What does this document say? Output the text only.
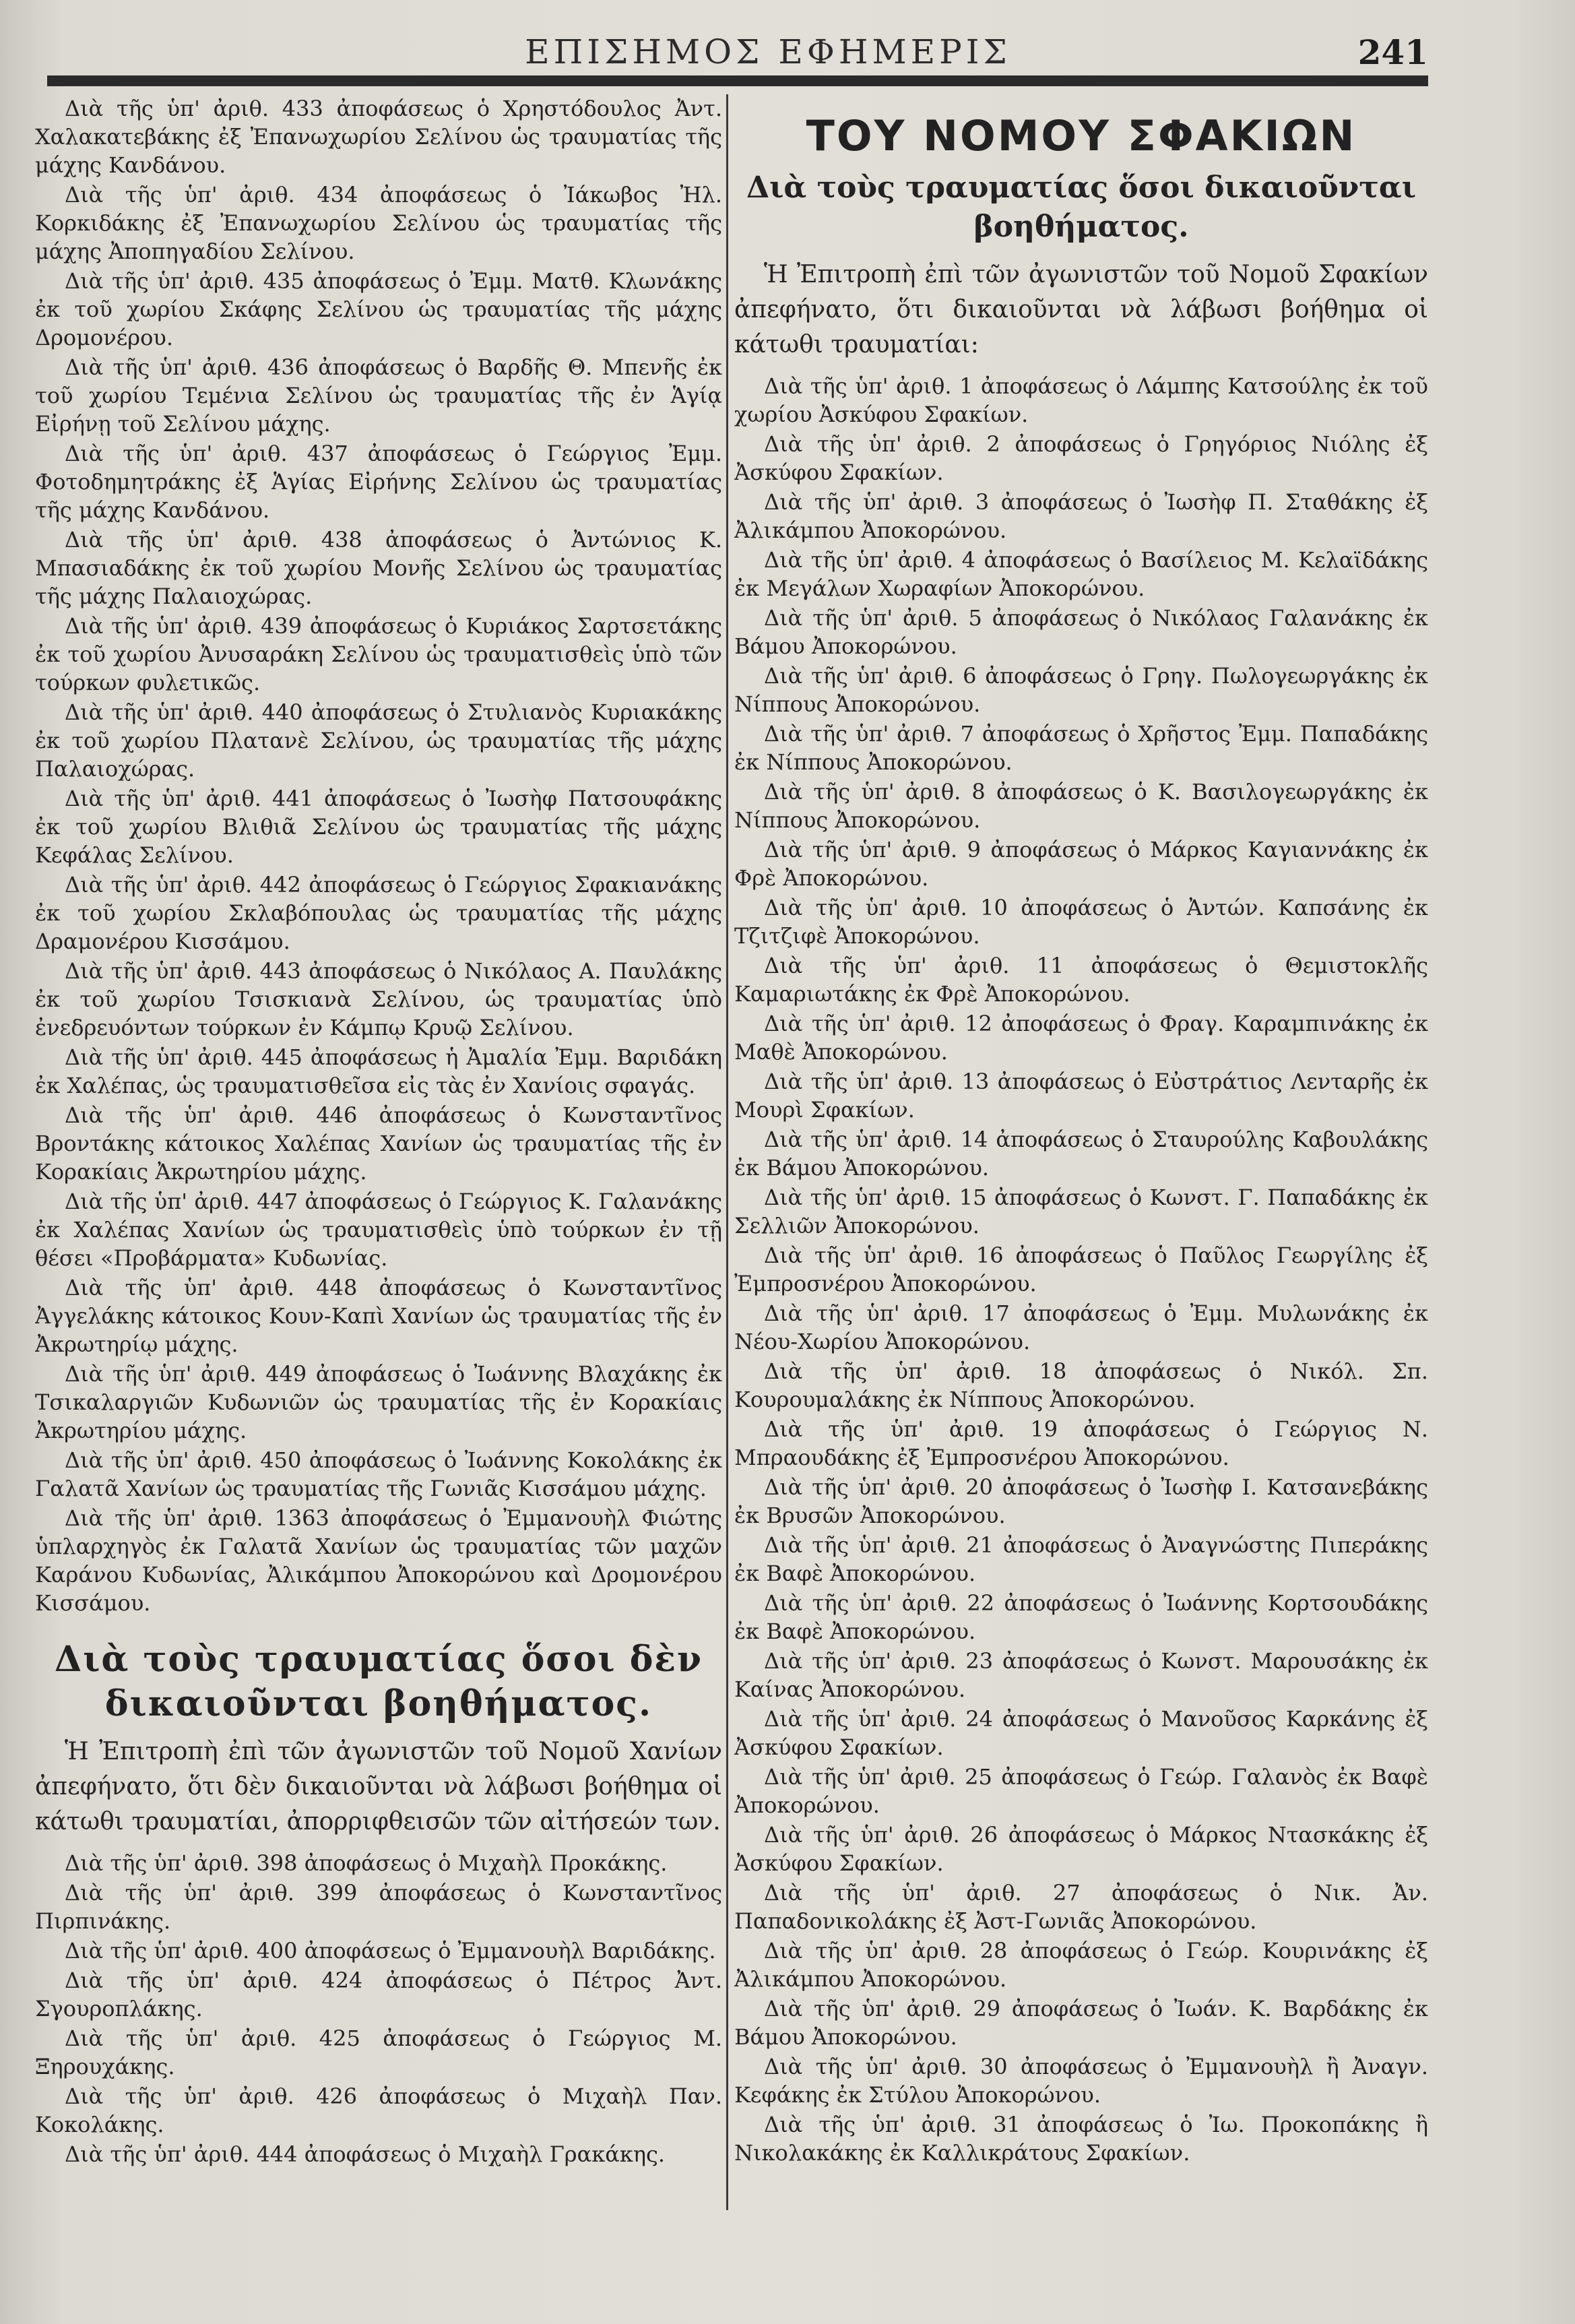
ΕΠΙΣΗΜΟΣ ΕΦΗΜΕΡΙΣ	241

Διὰ τῆς ὑπ' ἀριθ. 433 ἀποφάσεως ὁ Χρηστόδουλος Ἀντ. Χαλακατεβάκης ἐξ Ἐπανωχωρίου Σελίνου ὡς τραυματίας τῆς μάχης Κανδάνου.

Διὰ τῆς ὑπ' ἀριθ. 434 ἀποφάσεως ὁ Ἰάκωβος Ἠλ. Κορκιδάκης ἐξ Ἐπανωχωρίου Σελίνου ὡς τραυματίας τῆς μάχης Ἀποπηγαδίου Σελίνου.

Διὰ τῆς ὑπ' ἀριθ. 435 ἀποφάσεως ὁ Ἐμμ. Ματθ. Κλωνάκης ἐκ τοῦ χωρίου Σκάφης Σελίνου ὡς τραυματίας τῆς μάχης Δρομονέρου.

Διὰ τῆς ὑπ' ἀριθ. 436 ἀποφάσεως ὁ Βαρδῆς Θ. Μπενῆς ἐκ τοῦ χωρίου Τεμένια Σελίνου ὡς τραυματίας τῆς ἐν Ἁγίᾳ Εἰρήνῃ τοῦ Σελίνου μάχης.

Διὰ τῆς ὑπ' ἀριθ. 437 ἀποφάσεως ὁ Γεώργιος Ἐμμ. Φοτοδημητράκης ἐξ Ἁγίας Εἰρήνης Σελίνου ὡς τραυματίας τῆς μάχης Κανδάνου.

Διὰ τῆς ὑπ' ἀριθ. 438 ἀποφάσεως ὁ Ἀντώνιος Κ. Μπασιαδάκης ἐκ τοῦ χωρίου Μονῆς Σελίνου ὡς τραυματίας τῆς μάχης Παλαιοχώρας.

Διὰ τῆς ὑπ' ἀριθ. 439 ἀποφάσεως ὁ Κυριάκος Σαρτσετάκης ἐκ τοῦ χωρίου Ἀνυσαράκη Σελίνου ὡς τραυματισθεὶς ὑπὸ τῶν τούρκων φυλετικῶς.

Διὰ τῆς ὑπ' ἀριθ. 440 ἀποφάσεως ὁ Στυλιανὸς Κυριακάκης ἐκ τοῦ χωρίου Πλατανὲ Σελίνου, ὡς τραυματίας τῆς μάχης Παλαιοχώρας.

Διὰ τῆς ὑπ' ἀριθ. 441 ἀποφάσεως ὁ Ἰωσὴφ Πατσουφάκης ἐκ τοῦ χωρίου Βλιθιᾶ Σελίνου ὡς τραυματίας τῆς μάχης Κεφάλας Σελίνου.

Διὰ τῆς ὑπ' ἀριθ. 442 ἀποφάσεως ὁ Γεώργιος Σφακιανάκης ἐκ τοῦ χωρίου Σκλαβόπουλας ὡς τραυματίας τῆς μάχης Δραμονέρου Κισσάμου.

Διὰ τῆς ὑπ' ἀριθ. 443 ἀποφάσεως ὁ Νικόλαος Α. Παυλάκης ἐκ τοῦ χωρίου Τσισκιανὰ Σελίνου, ὡς τραυματίας ὑπὸ ἐνεδρευόντων τούρκων ἐν Κάμπῳ Κρυῷ Σελίνου.

Διὰ τῆς ὑπ' ἀριθ. 445 ἀποφάσεως ἡ Ἀμαλία Ἐμμ. Βαριδάκη ἐκ Χαλέπας, ὡς τραυματισθεῖσα εἰς τὰς ἐν Χανίοις σφαγάς.

Διὰ τῆς ὑπ' ἀριθ. 446 ἀποφάσεως ὁ Κωνσταντῖνος Βροντάκης κάτοικος Χαλέπας Χανίων ὡς τραυματίας τῆς ἐν Κορακίαις Ἀκρωτηρίου μάχης.

Διὰ τῆς ὑπ' ἀριθ. 447 ἀποφάσεως ὁ Γεώργιος Κ. Γαλανάκης ἐκ Χαλέπας Χανίων ὡς τραυματισθεὶς ὑπὸ τούρκων ἐν τῇ θέσει «Προβάρματα» Κυδωνίας.

Διὰ τῆς ὑπ' ἀριθ. 448 ἀποφάσεως ὁ Κωνσταντῖνος Ἀγγελάκης κάτοικος Κουν-Καπὶ Χανίων ὡς τραυματίας τῆς ἐν Ἀκρωτηρίῳ μάχης.

Διὰ τῆς ὑπ' ἀριθ. 449 ἀποφάσεως ὁ Ἰωάννης Βλαχάκης ἐκ Τσικαλαργιῶν Κυδωνιῶν ὡς τραυματίας τῆς ἐν Κορακίαις Ἀκρωτηρίου μάχης.

Διὰ τῆς ὑπ' ἀριθ. 450 ἀποφάσεως ὁ Ἰωάννης Κοκολάκης ἐκ Γαλατᾶ Χανίων ὡς τραυματίας τῆς Γωνιᾶς Κισσάμου μάχης.

Διὰ τῆς ὑπ' ἀριθ. 1363 ἀποφάσεως ὁ Ἐμμανουὴλ Φιώτης ὑπλαρχηγὸς ἐκ Γαλατᾶ Χανίων ὡς τραυματίας τῶν μαχῶν Καράνου Κυδωνίας, Ἀλικάμπου Ἀποκορώνου καὶ Δρομονέρου Κισσάμου.

Διὰ τοὺς τραυματίας ὅσοι δὲν δικαιοῦνται βοηθήματος.
Ἡ Ἐπιτροπὴ ἐπὶ τῶν ἀγωνιστῶν τοῦ Νομοῦ Χανίων ἀπεφήνατο, ὅτι δὲν δικαιοῦνται νὰ λάβωσι βοήθημα οἱ κάτωθι τραυματίαι, ἀπορριφθεισῶν τῶν αἰτήσεών των.

Διὰ τῆς ὑπ' ἀριθ. 398 ἀποφάσεως ὁ Μιχαὴλ Προκάκης.

Διὰ τῆς ὑπ' ἀριθ. 399 ἀποφάσεως ὁ Κωνσταντῖνος Πιρπινάκης.

Διὰ τῆς ὑπ' ἀριθ. 400 ἀποφάσεως ὁ Ἐμμανουὴλ Βαριδάκης.

Διὰ τῆς ὑπ' ἀριθ. 424 ἀποφάσεως ὁ Πέτρος Ἀντ. Σγουροπλάκης.

Διὰ τῆς ὑπ' ἀριθ. 425 ἀποφάσεως ὁ Γεώργιος Μ. Ξηρουχάκης.

Διὰ τῆς ὑπ' ἀριθ. 426 ἀποφάσεως ὁ Μιχαὴλ Παν. Κοκολάκης.

Διὰ τῆς ὑπ' ἀριθ. 444 ἀποφάσεως ὁ Μιχαὴλ Γρακάκης.

ΤΟΥ ΝΟΜΟΥ ΣΦΑΚΙΩΝ
Διὰ τοὺς τραυματίας ὅσοι δικαιοῦνται βοηθήματος.
Ἡ Ἐπιτροπὴ ἐπὶ τῶν ἀγωνιστῶν τοῦ Νομοῦ Σφακίων ἀπεφήνατο, ὅτι δικαιοῦνται νὰ λάβωσι βοήθημα οἱ κάτωθι τραυματίαι:

Διὰ τῆς ὑπ' ἀριθ. 1 ἀποφάσεως ὁ Λάμπης Κατσούλης ἐκ τοῦ χωρίου Ἀσκύφου Σφακίων.

Διὰ τῆς ὑπ' ἀριθ. 2 ἀποφάσεως ὁ Γρηγόριος Νιόλης ἐξ Ἀσκύφου Σφακίων.

Διὰ τῆς ὑπ' ἀριθ. 3 ἀποφάσεως ὁ Ἰωσὴφ Π. Σταθάκης ἐξ Ἀλικάμπου Ἀποκορώνου.

Διὰ τῆς ὑπ' ἀριθ. 4 ἀποφάσεως ὁ Βασίλειος Μ. Κελαϊδάκης ἐκ Μεγάλων Χωραφίων Ἀποκορώνου.

Διὰ τῆς ὑπ' ἀριθ. 5 ἀποφάσεως ὁ Νικόλαος Γαλανάκης ἐκ Βάμου Ἀποκορώνου.

Διὰ τῆς ὑπ' ἀριθ. 6 ἀποφάσεως ὁ Γρηγ. Πωλογεωργάκης ἐκ Νίππους Ἀποκορώνου.

Διὰ τῆς ὑπ' ἀριθ. 7 ἀποφάσεως ὁ Χρῆστος Ἐμμ. Παπαδάκης ἐκ Νίππους Ἀποκορώνου.

Διὰ τῆς ὑπ' ἀριθ. 8 ἀποφάσεως ὁ Κ. Βασιλογεωργάκης ἐκ Νίππους Ἀποκορώνου.

Διὰ τῆς ὑπ' ἀριθ. 9 ἀποφάσεως ὁ Μάρκος Καγιαννάκης ἐκ Φρὲ Ἀποκορώνου.

Διὰ τῆς ὑπ' ἀριθ. 10 ἀποφάσεως ὁ Ἀντών. Καπσάνης ἐκ Τζιτζιφὲ Ἀποκορώνου.

Διὰ τῆς ὑπ' ἀριθ. 11 ἀποφάσεως ὁ Θεμιστοκλῆς Καμαριωτάκης ἐκ Φρὲ Ἀποκορώνου.

Διὰ τῆς ὑπ' ἀριθ. 12 ἀποφάσεως ὁ Φραγ. Καραμπινάκης ἐκ Μαθὲ Ἀποκορώνου.

Διὰ τῆς ὑπ' ἀριθ. 13 ἀποφάσεως ὁ Εὐστράτιος Λενταρῆς ἐκ Μουρὶ Σφακίων.

Διὰ τῆς ὑπ' ἀριθ. 14 ἀποφάσεως ὁ Σταυρούλης Καβουλάκης ἐκ Βάμου Ἀποκορώνου.

Διὰ τῆς ὑπ' ἀριθ. 15 ἀποφάσεως ὁ Κωνστ. Γ. Παπαδάκης ἐκ Σελλιῶν Ἀποκορώνου.

Διὰ τῆς ὑπ' ἀριθ. 16 ἀποφάσεως ὁ Παῦλος Γεωργίλης ἐξ Ἐμπροσνέρου Ἀποκορώνου.

Διὰ τῆς ὑπ' ἀριθ. 17 ἀποφάσεως ὁ Ἐμμ. Μυλωνάκης ἐκ Νέου-Χωρίου Ἀποκορώνου.

Διὰ τῆς ὑπ' ἀριθ. 18 ἀποφάσεως ὁ Νικόλ. Σπ. Κουρουμαλάκης ἐκ Νίππους Ἀποκορώνου.

Διὰ τῆς ὑπ' ἀριθ. 19 ἀποφάσεως ὁ Γεώργιος Ν. Μπραουδάκης ἐξ Ἐμπροσνέρου Ἀποκορώνου.

Διὰ τῆς ὑπ' ἀριθ. 20 ἀποφάσεως ὁ Ἰωσὴφ Ι. Κατσανεβάκης ἐκ Βρυσῶν Ἀποκορώνου.

Διὰ τῆς ὑπ' ἀριθ. 21 ἀποφάσεως ὁ Ἀναγνώστης Πιπεράκης ἐκ Βαφὲ Ἀποκορώνου.

Διὰ τῆς ὑπ' ἀριθ. 22 ἀποφάσεως ὁ Ἰωάννης Κορτσουδάκης ἐκ Βαφὲ Ἀποκορώνου.

Διὰ τῆς ὑπ' ἀριθ. 23 ἀποφάσεως ὁ Κωνστ. Μαρουσάκης ἐκ Καίνας Ἀποκορώνου.

Διὰ τῆς ὑπ' ἀριθ. 24 ἀποφάσεως ὁ Μανοῦσος Καρκάνης ἐξ Ἀσκύφου Σφακίων.

Διὰ τῆς ὑπ' ἀριθ. 25 ἀποφάσεως ὁ Γεώρ. Γαλανὸς ἐκ Βαφὲ Ἀποκορώνου.

Διὰ τῆς ὑπ' ἀριθ. 26 ἀποφάσεως ὁ Μάρκος Ντασκάκης ἐξ Ἀσκύφου Σφακίων.

Διὰ τῆς ὑπ' ἀριθ. 27 ἀποφάσεως ὁ Νικ. Ἀν. Παπαδονικολάκης ἐξ Ἀστ-Γωνιᾶς Ἀποκορώνου.

Διὰ τῆς ὑπ' ἀριθ. 28 ἀποφάσεως ὁ Γεώρ. Κουρινάκης ἐξ Ἀλικάμπου Ἀποκορώνου.

Διὰ τῆς ὑπ' ἀριθ. 29 ἀποφάσεως ὁ Ἰωάν. Κ. Βαρδάκης ἐκ Βάμου Ἀποκορώνου.

Διὰ τῆς ὑπ' ἀριθ. 30 ἀποφάσεως ὁ Ἐμμανουὴλ ἢ Ἀναγν. Κεφάκης ἐκ Στύλου Ἀποκορώνου.

Διὰ τῆς ὑπ' ἀριθ. 31 ἀποφάσεως ὁ Ἰω. Προκοπάκης ἢ Νικολακάκης ἐκ Καλλικράτους Σφακίων.
